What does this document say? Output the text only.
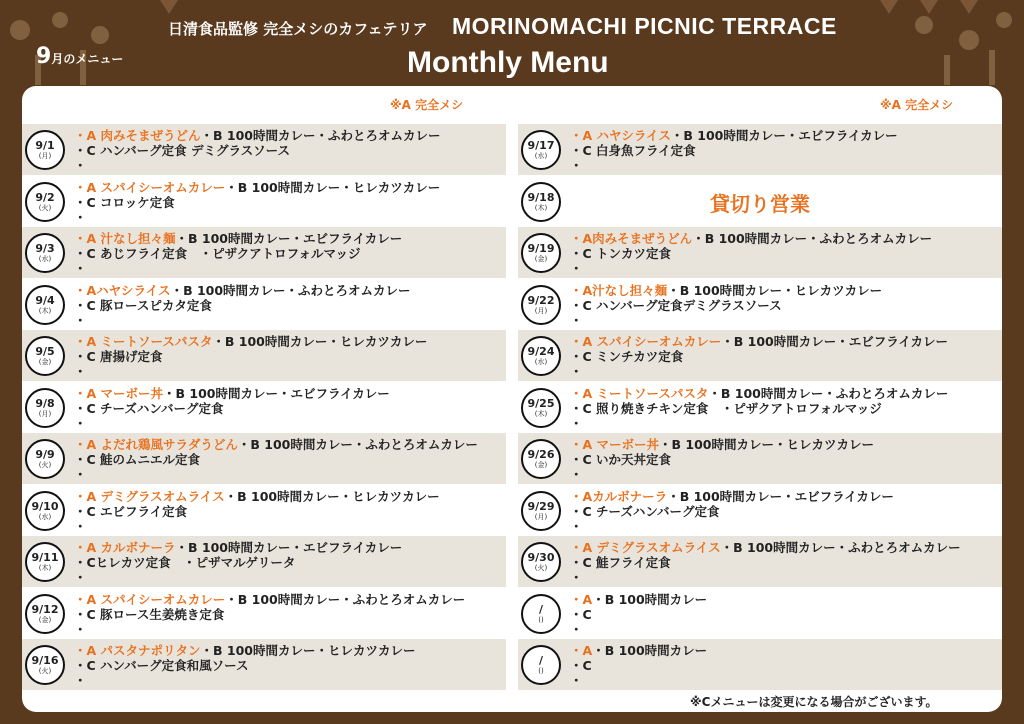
9月のメニュー
日清食品監修 完全メシのカフェテリア MORINOMACHI PICNIC TERRACE
Monthly Menu
※A 完全メシ	※A 完全メシ
9/1
(月)
・A 肉みそまぜうどん・B 100時間カレー・ふわとろオムカレー
・C ハンバーグ定食 デミグラスソース
・
9/2
(火)
・A スパイシーオムカレー・B 100時間カレー・ヒレカツカレー
・C コロッケ定食
・
9/3
(水)
・A 汁なし担々麺・B 100時間カレー・エビフライカレー
・C あじフライ定食　・ピザクアトロフォルマッジ
・
9/4
(木)
・Aハヤシライス・B 100時間カレー・ふわとろオムカレー
・C 豚ロースピカタ定食
・
9/5
(金)
・A ミートソースパスタ・B 100時間カレー・ヒレカツカレー
・C 唐揚げ定食
・
9/8
(月)
・A マーボー丼・B 100時間カレー・エビフライカレー
・C チーズハンバーグ定食
・
9/9
(火)
・A よだれ鶏風サラダうどん・B 100時間カレー・ふわとろオムカレー
・C 鮭のムニエル定食
・
9/10
(水)
・A デミグラスオムライス・B 100時間カレー・ヒレカツカレー
・C エビフライ定食
・
9/11
(木)
・A カルボナーラ・B 100時間カレー・エビフライカレー
・Cヒレカツ定食　・ピザマルゲリータ
・
9/12
(金)
・A スパイシーオムカレー・B 100時間カレー・ふわとろオムカレー
・C 豚ロース生姜焼き定食
・
9/16
(火)
・A パスタナポリタン・B 100時間カレー・ヒレカツカレー
・C ハンバーグ定食和風ソース
・
9/17
(水)
・A ハヤシライス・B 100時間カレー・エビフライカレー
・C 白身魚フライ定食
・
9/18
(木)	貸切り営業
9/19
(金)
・A肉みそまぜうどん・B 100時間カレー・ふわとろオムカレー
・C トンカツ定食
・
9/22
(月)
・A汁なし担々麺・B 100時間カレー・ヒレカツカレー
・C ハンバーグ定食デミグラスソース
・
9/24
(水)
・A スパイシーオムカレー・B 100時間カレー・エビフライカレー
・C ミンチカツ定食
・
9/25
(木)
・A ミートソースパスタ・B 100時間カレー・ふわとろオムカレー
・C 照り焼きチキン定食　・ピザクアトロフォルマッジ
・
9/26
(金)
・A マーボー丼・B 100時間カレー・ヒレカツカレー
・C いか天丼定食
・
9/29
(月)
・Aカルボナーラ・B 100時間カレー・エビフライカレー
・C チーズハンバーグ定食
・
9/30
(火)
・A デミグラスオムライス・B 100時間カレー・ふわとろオムカレー
・C 鮭フライ定食
・
/
()
・A・B 100時間カレー
・C
・
/
()
・A・B 100時間カレー
・C
・
※Cメニューは変更になる場合がございます。
